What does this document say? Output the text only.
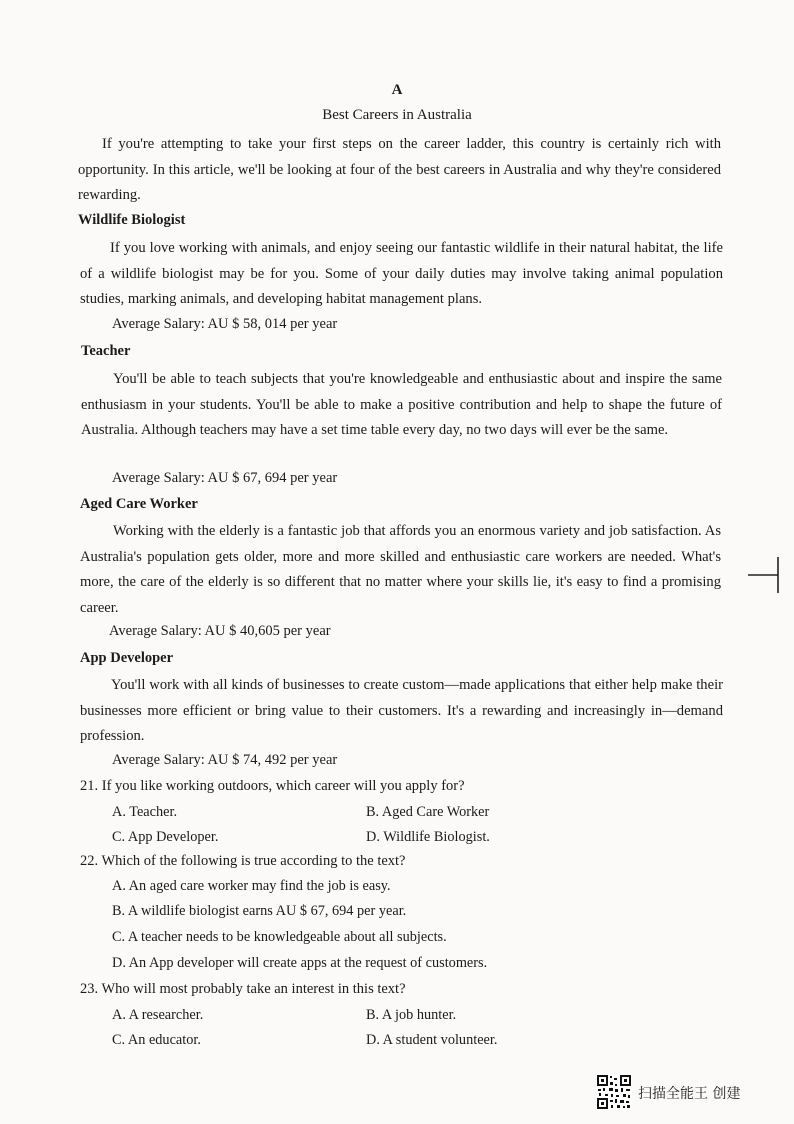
A
Best Careers in Australia

If you're attempting to take your first steps on the career ladder, this country is certainly rich with opportunity. In this article, we'll be looking at four of the best careers in Australia and why they're considered rewarding.

Wildlife Biologist

If you love working with animals, and enjoy seeing our fantastic wildlife in their natural habitat, the life of a wildlife biologist may be for you. Some of your daily duties may involve taking animal population studies, marking animals, and developing habitat management plans.

Average Salary: AU $ 58, 014 per year
Teacher

You'll be able to teach subjects that you're knowledgeable and enthusiastic about and inspire the same enthusiasm in your students. You'll be able to make a positive contribution and help to shape the future of Australia. Although teachers may have a set time table every day, no two days will ever be the same.

Average Salary: AU $ 67, 694 per year
Aged Care Worker

Working with the elderly is a fantastic job that affords you an enormous variety and job satisfaction. As Australia's population gets older, more and more skilled and enthusiastic care workers are needed. What's more, the care of the elderly is so different that no matter where your skills lie, it's easy to find a promising career.

Average Salary: AU $ 40,605 per year
App Developer

You'll work with all kinds of businesses to create custom—made applications that either help make their businesses more efficient or bring value to their customers. It's a rewarding and increasingly in—demand profession.

Average Salary: AU $ 74, 492 per year
21. If you like working outdoors, which career will you apply for?
A. Teacher.	B. Aged Care Worker
C. App Developer.	D. Wildlife Biologist.
22. Which of the following is true according to the text?
A. An aged care worker may find the job is easy.
B. A wildlife biologist earns AU $ 67, 694 per year.
C. A teacher needs to be knowledgeable about all subjects.
D. An App developer will create apps at the request of customers.
23. Who will most probably take an interest in this text?
A. A researcher.	B. A job hunter.
C. An educator.	D. A student volunteer.
扫描全能王 创建
